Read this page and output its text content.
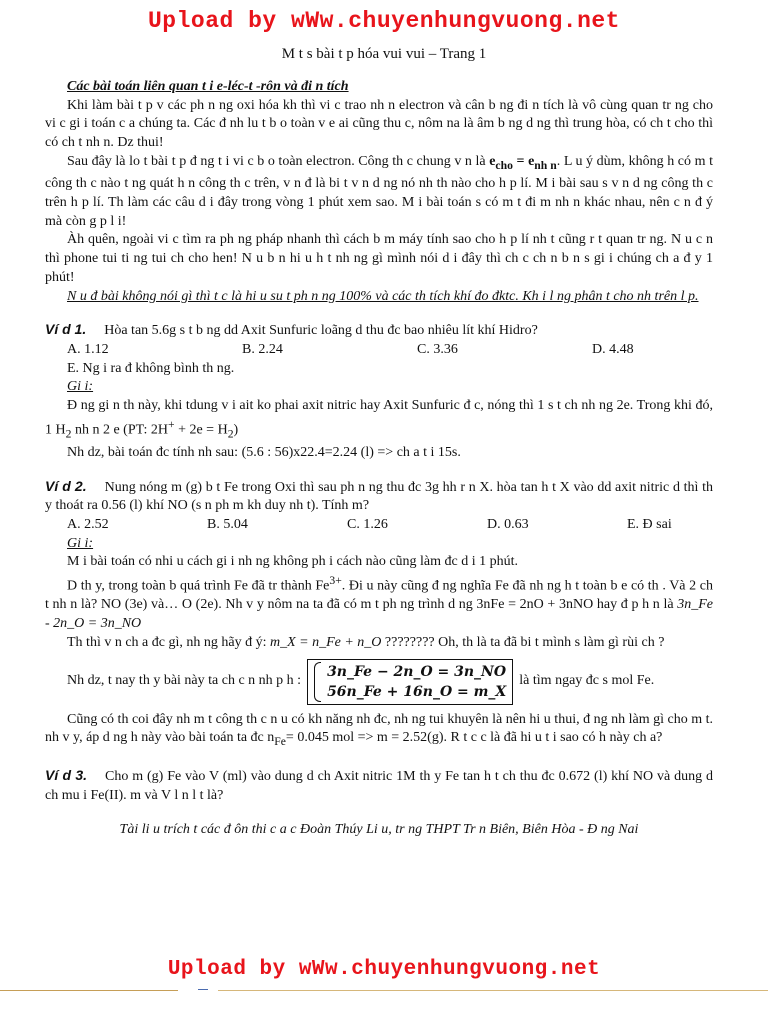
Upload by wWw.chuyenhungvuong.net
M t s bài t p hóa vui vui – Trang 1

Các bài toán liên quan t i e-léc-t -rôn và đi n tích

Khi làm bài t p v các ph n ng oxi hóa kh thì vi c trao nh n electron và cân b ng đi n tích là vô cùng quan tr ng cho vi c gi i toán c a chúng ta. Các đ nh lu t b o toàn v e ai cũng thu c, nôm na là âm b ng d ng thì trung hòa, có ch t cho thì có ch t nh n. Dz thui!

Sau đây là lo t bài t p đ ng t i vi c b o toàn electron. Công th c chung v n là $e_{cho} = e_{nh n}$. L u ý dùm, không h có m t công th c nào t ng quát h n công th c trên, v n đ là bi t v n d ng nó nh th nào cho h p lí. M i bài sau s v n d ng công th c trên h p lí. Th làm các câu d i đây trong vòng 1 phút xem sao. M i bài toán s có m t đi m nh n khác nhau, nên c n đ ý mà còn g p l i!

Àh quên, ngoài vi c tìm ra ph ng pháp nhanh thì cách b m máy tính sao cho h p lí nh t cũng r t quan tr ng. N u c n thì phone tui ti ng tui ch cho hen! N u b n hi u h t nh ng gì mình nói d i đây thì ch c ch n b n s gi i chúng ch a đ y 1 phút!

N u đ bài không nói gì thì t c là hi u su t ph n ng 100% và các th tích khí đo đktc. Kh i l ng phân t cho nh trên l p.

Ví d 1. Hòa tan 5.6g s t b ng dd Axit Sunfuric loãng d thu đc bao nhiêu lít khí Hidro?

A. 1.12	B. 2.24	C. 3.36	D. 4.48

E. Ng i ra đ không bình th ng.

Gi i:

Đ ng gi n th này, khi tdung v i ait ko phai axit nitric hay Axit Sunfuric đ c, nóng thì 1 s t ch nh ng 2e. Trong khi đó, 1 $H_2$ nh n 2 e (PT: $2H^+ + 2e = H_2$)

Nh dz, bài toán đc tính nh sau: (5.6 : 56)x22.4=2.24 (l) => ch a t i 15s.

Ví d 2. Nung nóng m (g) b t Fe trong Oxi thì sau ph n ng thu đc 3g hh r n X. hòa tan h t X vào dd axit nitric d thì th y thoát ra 0.56 (l) khí NO (s n ph m kh duy nh t). Tính m?

A. 2.52	B. 5.04	C. 1.26	D. 0.63	E. Đ sai

Gi i:

M i bài toán có nhi u cách gi i nh ng không ph i cách nào cũng làm đc d i 1 phút.

D th y, trong toàn b quá trình Fe đã tr thành $Fe^{3+}$. Đi u này cũng đ ng nghĩa Fe đã nh ng h t toàn b e có th . Và 2 ch t nh n là? NO (3e) và… O (2e). Nh v y nôm na ta đã có m t ph ng trình d ng 3nFe = 2nO + 3nNO hay đ p h n là 3n_Fe - 2n_O = 3n_NO

Th thì v n ch a đc gì, nh ng hãy đ ý: m_X = n_Fe + n_O ???????? Oh, th là ta đã bi t mình s làm gì rùi ch ?

Nh dz, t nay th y bài này ta ch c n nh p h :
3n_Fe − 2n_O = 3n_NO
56n_Fe + 16n_O = m_X
là tìm ngay đc s mol Fe.

Cũng có th coi đây nh m t công th c n u có kh năng nh đc, nh ng tui khuyên là nên hi u thui, đ ng nh làm gì cho m t. nh v y, áp d ng h này vào bài toán ta đc $n_{Fe}= 0.045$ mol => m = 2.52(g). R t c c là đã hi u t i sao có h này ch a?

Ví d 3. Cho m (g) Fe vào V (ml) vào dung d ch Axit nitric 1M th y Fe tan h t ch thu đc 0.672 (l) khí NO và dung d ch mu i Fe(II). m và V l n l t là?

Tài li u trích t các đ ôn thi c a c Đoàn Thúy Li u, tr ng THPT Tr n Biên, Biên Hòa - Đ ng Nai

Upload by wWw.chuyenhungvuong.net
